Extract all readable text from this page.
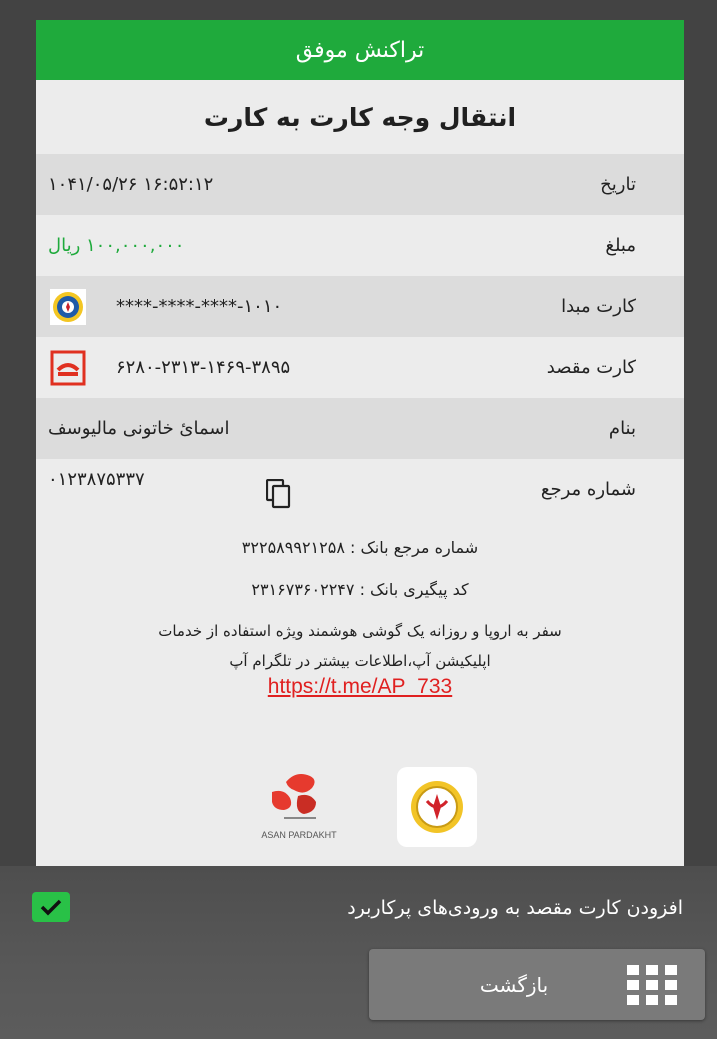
تراکنش موفق
انتقال وجه کارت به کارت
تاریخ
۱۰۴۱/۰۵/۲۶ ۱۶:۵۲:۱۲
مبلغ
۱۰۰,۰۰۰,۰۰۰ ریال
کارت مبدا
****-****-****-۱۰۱۰
کارت مقصد
۶۲۸۰-۲۳۱۳-۱۴۶۹-۳۸۹۵
بنام
اسمائ خاتونی مالیوسف
شماره مرجع
۰۱۲۳۸۷۵۳۳۷
شماره مرجع بانک : ۳۲۲۵۸۹۹۲۱۲۵۸
کد پیگیری بانک : ۲۳۱۶۷۳۶۰۲۲۴۷
سفر به اروپا و روزانه یک گوشی هوشمند ویژه استفاده از خدمات
اپلیکیشن آپ،اطلاعات بیشتر در تلگرام آپ
https://t.me/AP_733
ASAN PARDAKHT
افزودن کارت مقصد به ورودی‌های پرکاربرد
بازگشت
